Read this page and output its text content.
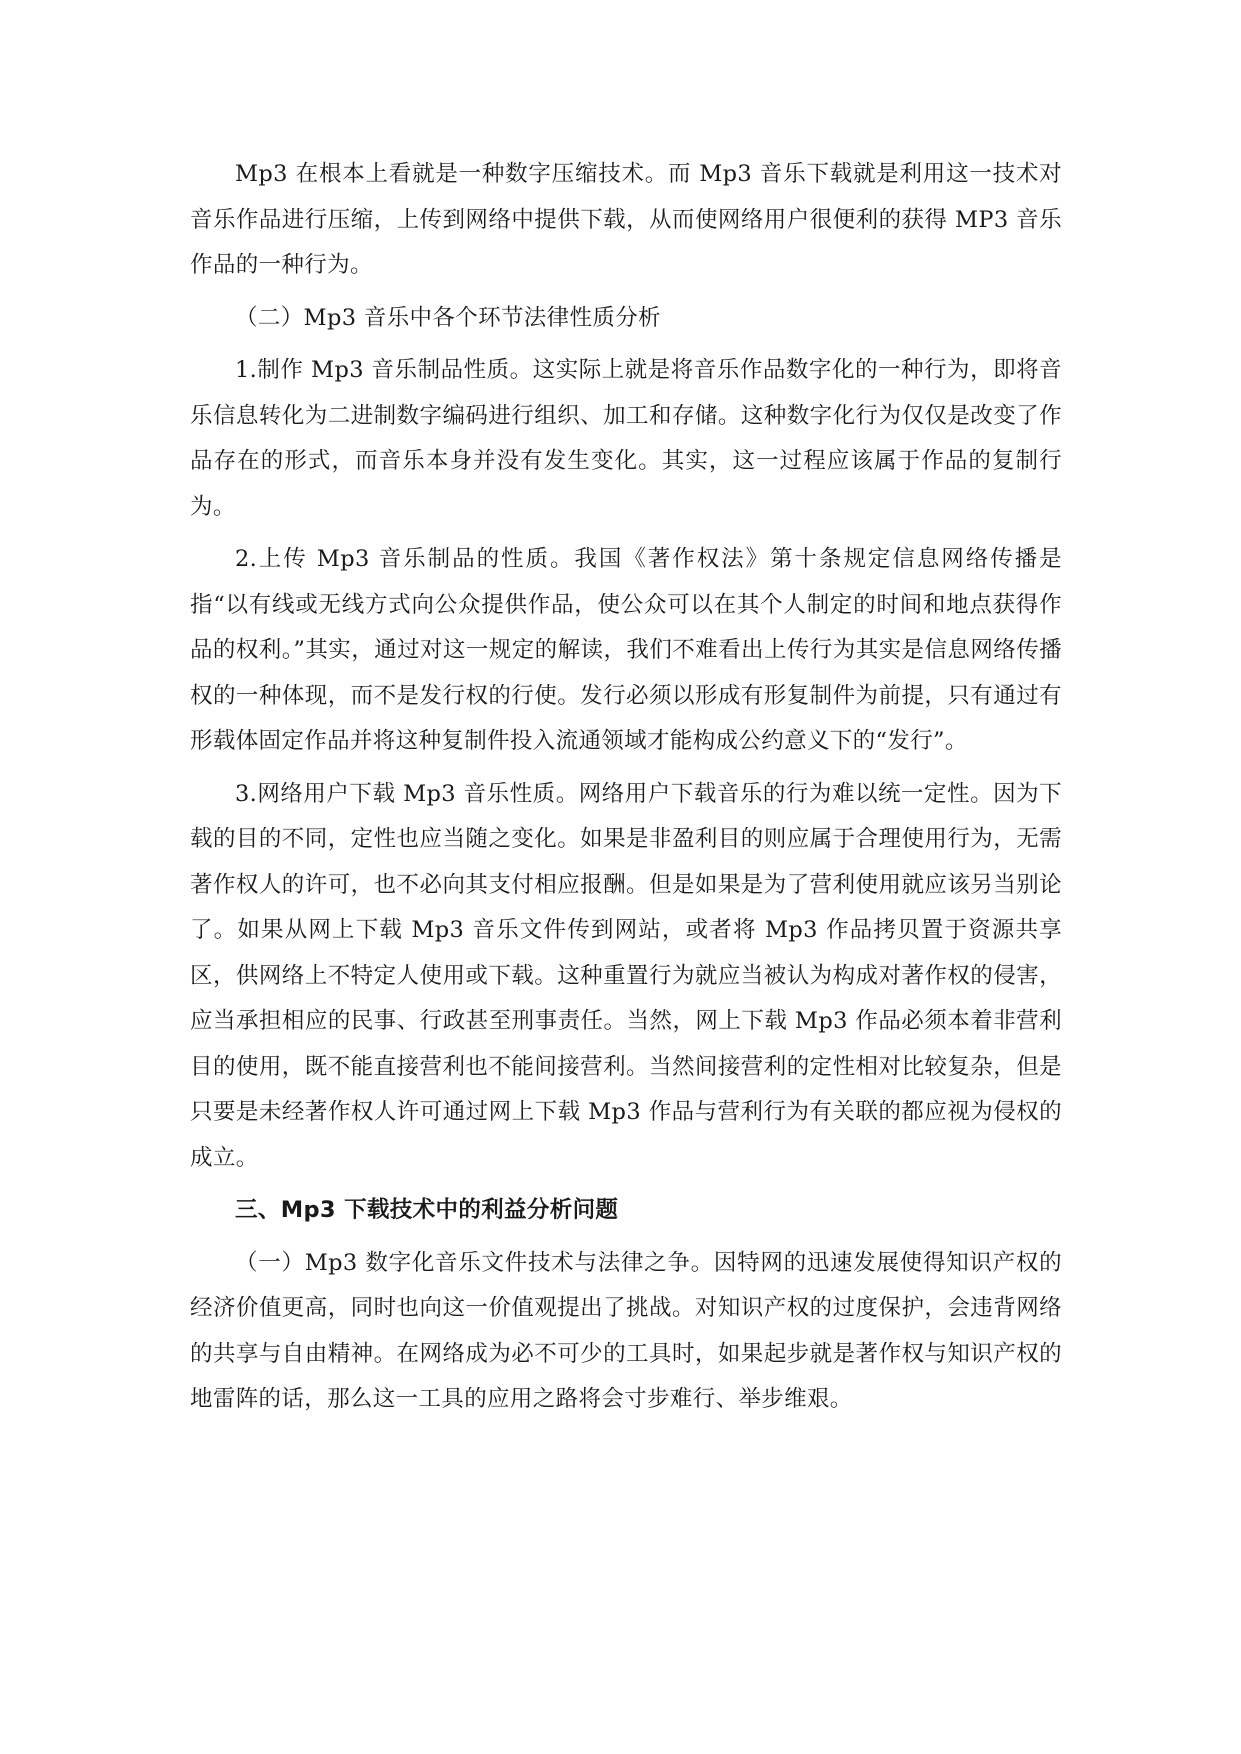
Mp3 在根本上看就是一种数字压缩技术。而 Mp3 音乐下载就是利用这一技术对音乐作品进行压缩，上传到网络中提供下载，从而使网络用户很便利的获得 MP3 音乐作品的一种行为。

（二）Mp3 音乐中各个环节法律性质分析

1.制作 Mp3 音乐制品性质。这实际上就是将音乐作品数字化的一种行为，即将音乐信息转化为二进制数字编码进行组织、加工和存储。这种数字化行为仅仅是改变了作品存在的形式，而音乐本身并没有发生变化。其实，这一过程应该属于作品的复制行为。

2.上传 Mp3 音乐制品的性质。我国《著作权法》第十条规定信息网络传播是指“以有线或无线方式向公众提供作品，使公众可以在其个人制定的时间和地点获得作品的权利。”其实，通过对这一规定的解读，我们不难看出上传行为其实是信息网络传播权的一种体现，而不是发行权的行使。发行必须以形成有形复制件为前提，只有通过有形载体固定作品并将这种复制件投入流通领域才能构成公约意义下的“发行”。

3.网络用户下载 Mp3 音乐性质。网络用户下载音乐的行为难以统一定性。因为下载的目的不同，定性也应当随之变化。如果是非盈利目的则应属于合理使用行为，无需著作权人的许可，也不必向其支付相应报酬。但是如果是为了营利使用就应该另当别论了。如果从网上下载 Mp3 音乐文件传到网站，或者将 Mp3 作品拷贝置于资源共享区，供网络上不特定人使用或下载。这种重置行为就应当被认为构成对著作权的侵害，应当承担相应的民事、行政甚至刑事责任。当然，网上下载 Mp3 作品必须本着非营利目的使用，既不能直接营利也不能间接营利。当然间接营利的定性相对比较复杂，但是只要是未经著作权人许可通过网上下载 Mp3 作品与营利行为有关联的都应视为侵权的成立。

三、Mp3 下载技术中的利益分析问题

（一）Mp3 数字化音乐文件技术与法律之争。因特网的迅速发展使得知识产权的经济价值更高，同时也向这一价值观提出了挑战。对知识产权的过度保护，会违背网络的共享与自由精神。在网络成为必不可少的工具时，如果起步就是著作权与知识产权的地雷阵的话，那么这一工具的应用之路将会寸步难行、举步维艰。
